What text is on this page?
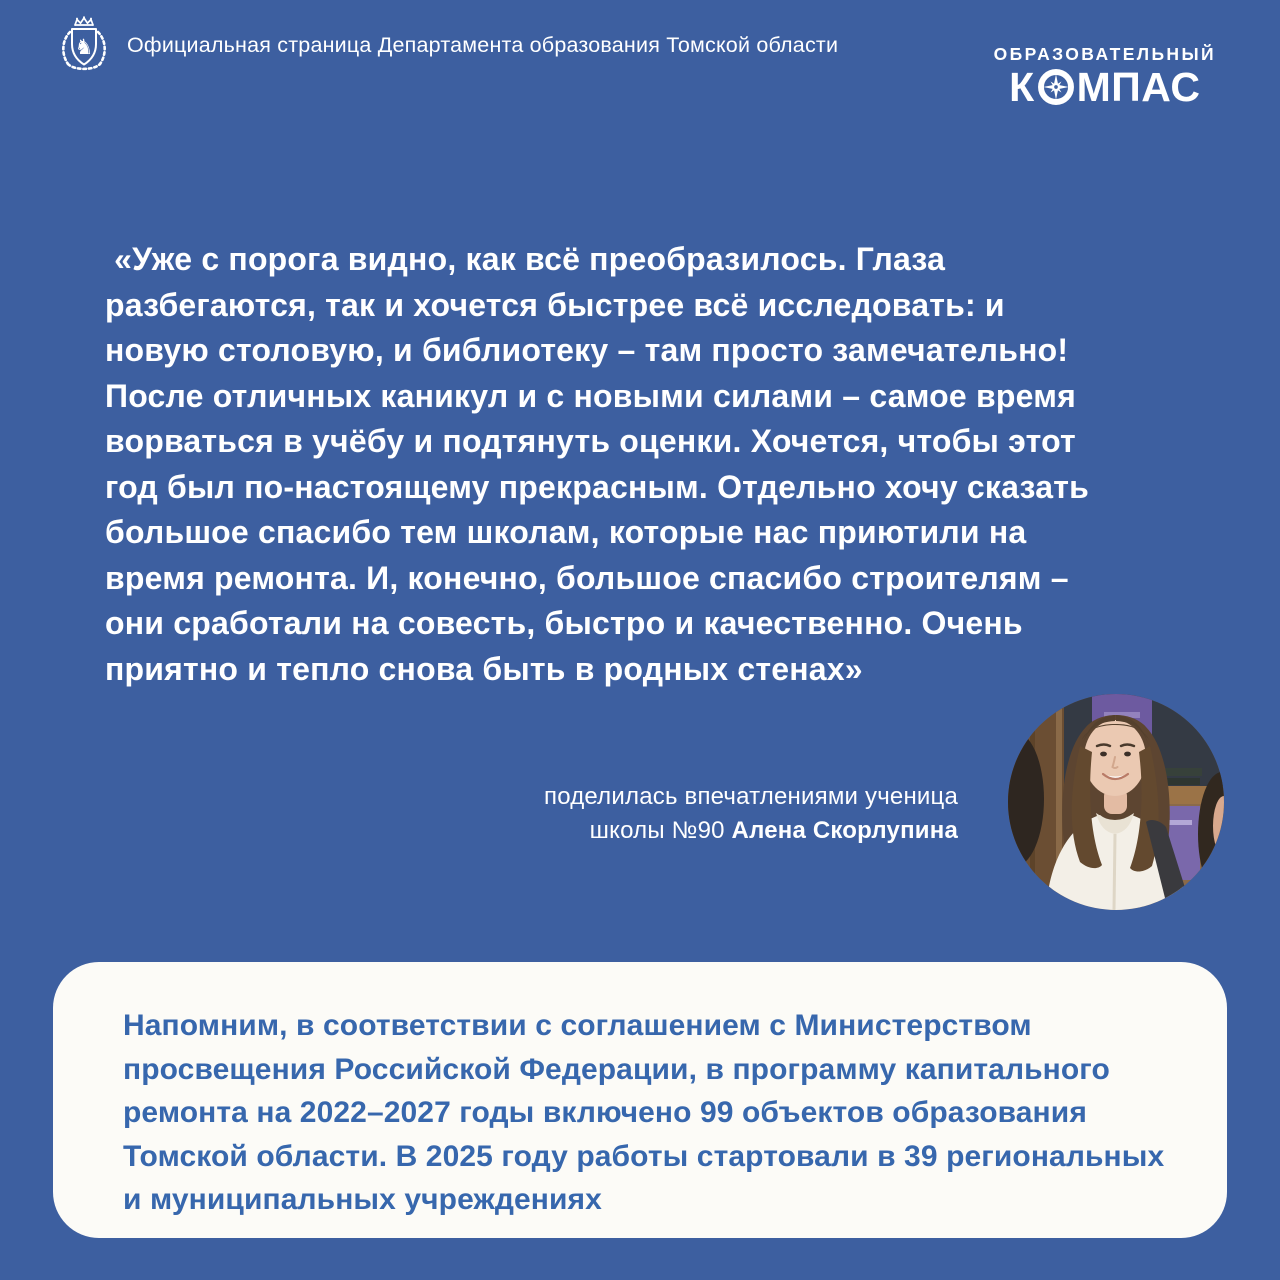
♞ Официальная страница Департамента образования Томской области	ОБРАЗОВАТЕЛЬНЫЙ
К МПАС
«Уже с порога видно, как всё преобразилось. Глаза
разбегаются, так и хочется быстрее всё исследовать: и
новую столовую, и библиотеку – там просто замечательно!
После отличных каникул и с новыми силами – самое время
ворваться в учёбу и подтянуть оценки. Хочется, чтобы этот
год был по-настоящему прекрасным. Отдельно хочу сказать
большое спасибо тем школам, которые нас приютили на
время ремонта. И, конечно, большое спасибо строителям –
они сработали на совесть, быстро и качественно. Очень
приятно и тепло снова быть в родных стенах»
поделилась впечатлениями ученица
школы №90 Алена Скорлупина
Напомним, в соответствии с соглашением с Министерством
просвещения Российской Федерации, в программу капитального
ремонта на 2022–2027 годы включено 99 объектов образования
Томской области. В 2025 году работы стартовали в 39 региональных
и муниципальных учреждениях
